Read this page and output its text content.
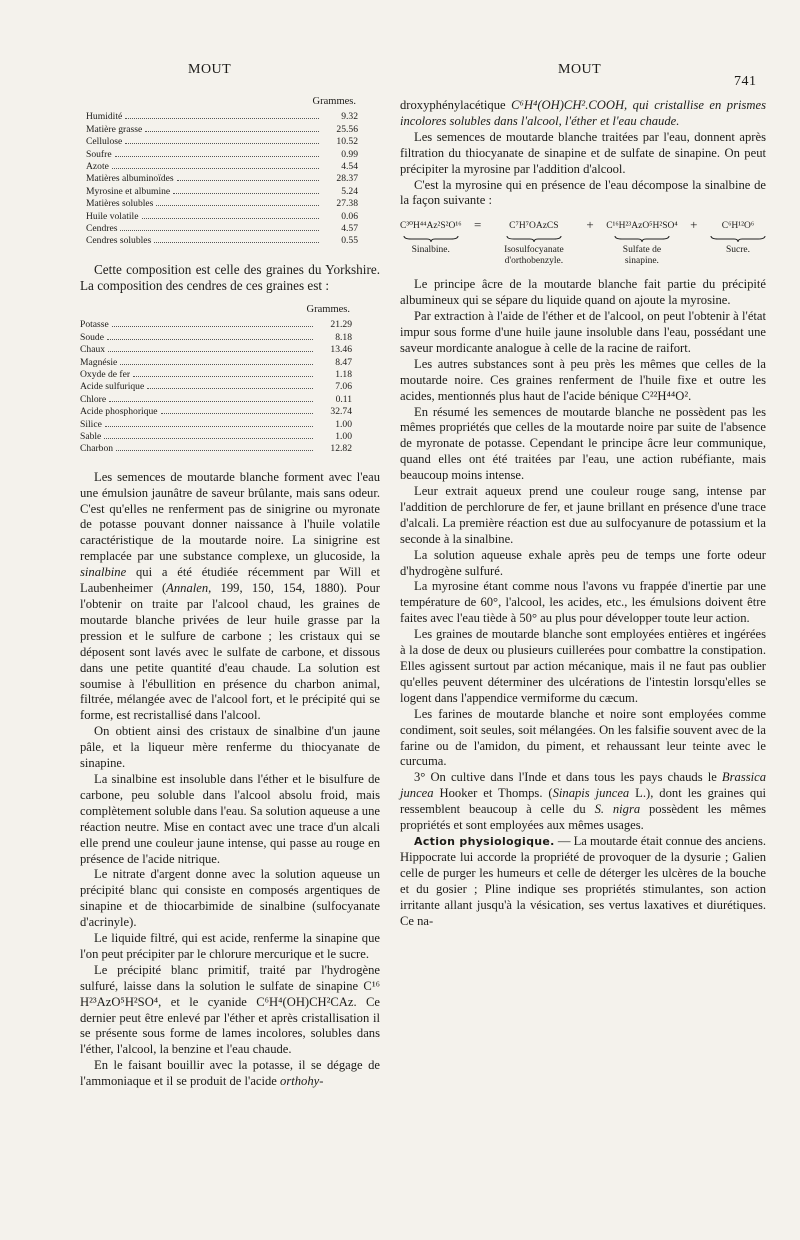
MOUT	MOUT
741
Grammes.
Humidité	9.32
Matière grasse	25.56
Cellulose	10.52
Soufre	0.99
Azote	4.54
Matières albuminoïdes	28.37
Myrosine et albumine	5.24
Matières solubles	27.38
Huile volatile	0.06
Cendres	4.57
Cendres solubles	0.55

Cette composition est celle des graines du Yorkshire. La composition des cendres de ces graines est :

Grammes.
Potasse	21.29
Soude	8.18
Chaux	13.46
Magnésie	8.47
Oxyde de fer	1.18
Acide sulfurique	7.06
Chlore	0.11
Acide phosphorique	32.74
Silice	1.00
Sable	1.00
Charbon	12.82

Les semences de moutarde blanche forment avec l'eau une émulsion jaunâtre de saveur brûlante, mais sans odeur. C'est qu'elles ne renferment pas de sinigrine ou myronate de potasse pouvant donner naissance à l'huile volatile caractéristique de la moutarde noire. La sinigrine est remplacée par une substance complexe, un glucoside, la sinalbine qui a été étudiée récemment par Will et Laubenheimer (Annalen, 199, 150, 154, 1880). Pour l'obtenir on traite par l'alcool chaud, les graines de moutarde blanche privées de leur huile grasse par la pression et le sulfure de carbone ; les cristaux qui se déposent sont lavés avec le sulfate de carbone, et dissous dans une petite quantité d'eau chaude. La solution est soumise à l'ébullition en présence du charbon animal, filtrée, mélangée avec de l'alcool fort, et le précipité qui se forme, est recristallisé dans l'alcool.

On obtient ainsi des cristaux de sinalbine d'un jaune pâle, et la liqueur mère renferme du thiocyanate de sinapine.

La sinalbine est insoluble dans l'éther et le bisulfure de carbone, peu soluble dans l'alcool absolu froid, mais complètement soluble dans l'eau. Sa solution aqueuse a une réaction neutre. Mise en contact avec une trace d'un alcali elle prend une couleur jaune intense, qui passe au rouge en présence de l'acide nitrique.

Le nitrate d'argent donne avec la solution aqueuse un précipité blanc qui consiste en composés argentiques de sinapine et de thiocarbimide de sinalbine (sulfocyanate d'acrinyle).

Le liquide filtré, qui est acide, renferme la sinapine que l'on peut précipiter par le chlorure mercurique et le sucre.

Le précipité blanc primitif, traité par l'hydrogène sulfuré, laisse dans la solution le sulfate de sinapine C¹⁶ H²³AzO⁵H²SO⁴, et le cyanide C⁶H⁴(OH)CH²CAz. Ce dernier peut être enlevé par l'éther et après cristallisation il se présente sous forme de lames incolores, solubles dans l'éther, l'alcool, la benzine et l'eau chaude.

En le faisant bouillir avec la potasse, il se dégage de l'ammoniaque et il se produit de l'acide orthohy-

droxyphénylacétique C⁶H⁴(OH)CH².COOH, qui cristallise en prismes incolores solubles dans l'alcool, l'éther et l'eau chaude.

Les semences de moutarde blanche traitées par l'eau, donnent après filtration du thiocyanate de sinapine et de sulfate de sinapine. On peut précipiter la myrosine par l'addition d'alcool.

C'est la myrosine qui en présence de l'eau décompose la sinalbine de la façon suivante :

C³⁰H⁴⁴Az²S²O¹⁶
Sinalbine.
=	C⁷H⁷OAzCS
Isosulfocyanate d'orthobenzyle.
+ C¹⁶H²³AzO⁵H²SO⁴
Sulfate de sinapine.
+	C⁶H¹²O⁶
Sucre.

Le principe âcre de la moutarde blanche fait partie du précipité albumineux qui se sépare du liquide quand on ajoute la myrosine.

Par extraction à l'aide de l'éther et de l'alcool, on peut l'obtenir à l'état impur sous forme d'une huile jaune insoluble dans l'eau, possédant une saveur mordicante analogue à celle de la racine de raifort.

Les autres substances sont à peu près les mêmes que celles de la moutarde noire. Ces graines renferment de l'huile fixe et outre les acides, mentionnés plus haut de l'acide bénique C²²H⁴⁴O².

En résumé les semences de moutarde blanche ne possèdent pas les mêmes propriétés que celles de la moutarde noire par suite de l'absence de myronate de potasse. Cependant le principe âcre leur communique, quand elles ont été traitées par l'eau, une action rubéfiante, mais beaucoup moins intense.

Leur extrait aqueux prend une couleur rouge sang, intense par l'addition de perchlorure de fer, et jaune brillant en présence d'une trace d'alcali. La première réaction est due au sulfocyanure de potassium et la seconde à la sinalbine.

La solution aqueuse exhale après peu de temps une forte odeur d'hydrogène sulfuré.

La myrosine étant comme nous l'avons vu frappée d'inertie par une température de 60°, l'alcool, les acides, etc., les émulsions doivent être faites avec l'eau tiède à 50° au plus pour développer toute leur action.

Les graines de moutarde blanche sont employées entières et ingérées à la dose de deux ou plusieurs cuillerées pour combattre la constipation. Elles agissent surtout par action mécanique, mais il ne faut pas oublier qu'elles peuvent déterminer des ulcérations de l'intestin lorsqu'elles se logent dans l'appendice vermiforme du cæcum.

Les farines de moutarde blanche et noire sont employées comme condiment, soit seules, soit mélangées. On les falsifie souvent avec de la farine ou de l'amidon, du piment, et rehaussant leur teinte avec le curcuma.

3° On cultive dans l'Inde et dans tous les pays chauds le Brassica juncea Hooker et Thomps. (Sinapis juncea L.), dont les graines qui ressemblent beaucoup à celle du S. nigra possèdent les mêmes propriétés et sont employées aux mêmes usages.

Action physiologique. — La moutarde était connue des anciens. Hippocrate lui accorde la propriété de provoquer de la dysurie ; Galien celle de purger les humeurs et celle de déterger les ulcères de la bouche et du gosier ; Pline indique ses propriétés stimulantes, son action irritante allant jusqu'à la vésication, ses vertus laxatives et diurétiques. Ce na-
